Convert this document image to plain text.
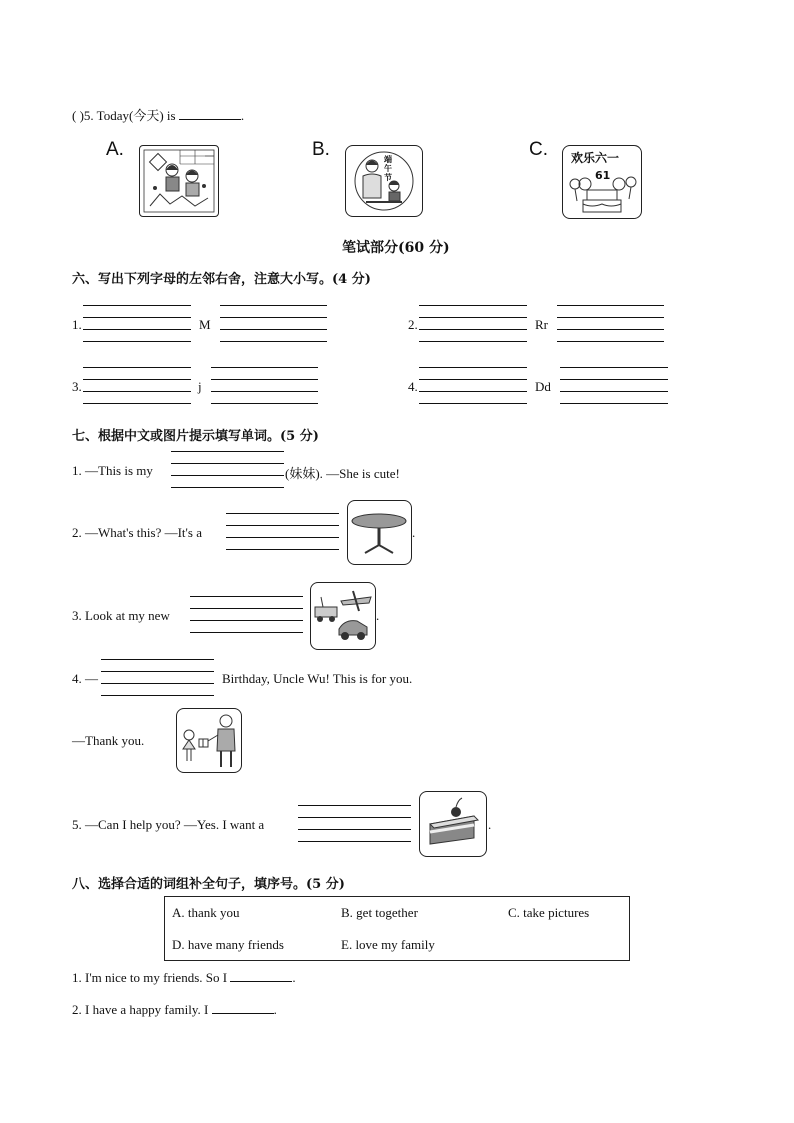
( )5. Today(今天) is	.
A.	B.	C.
端午节
欢乐六一
61
笔试部分(60 分)
六、写出下列字母的左邻右舍，注意大小写。(4 分)
1.	M	2.	Rr
3.	j	4.	Dd
七、根据中文或图片提示填写单词。(5 分)
1. —This is my	(妹妹). —She is cute!
2. —What's this? —It's a	.
3. Look at my new	.
4. —	Birthday, Uncle Wu! This is for you.
—Thank you.
5. —Can I help you? —Yes. I want a	.
八、选择合适的词组补全句子，填序号。(5 分)
A. thank you	B. get together	C. take pictures
D. have many friends	E. love my family
1. I'm nice to my friends. So I	.
2. I have a happy family. I	.
